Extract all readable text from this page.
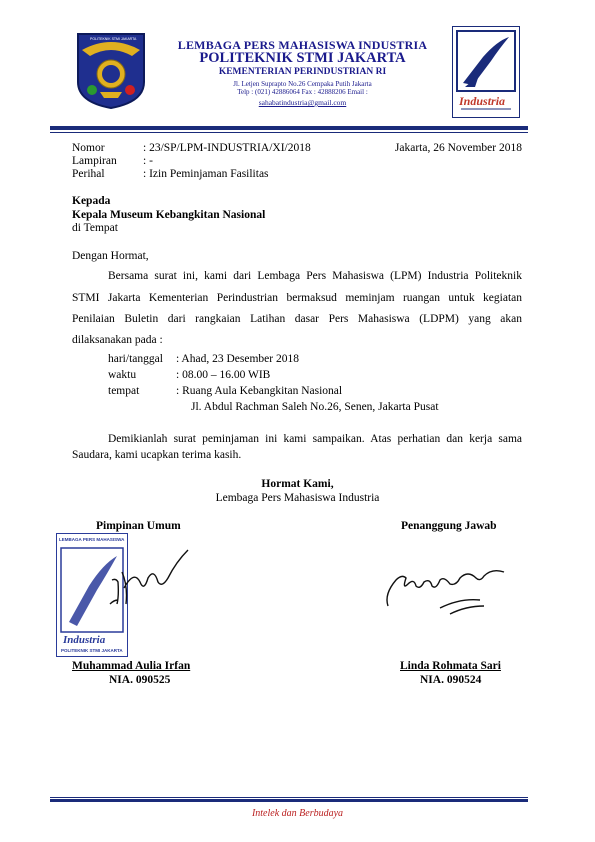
POLITEKNIK STMI JAKARTA	LEMBAGA PERS MAHASISWA INDUSTRIA
POLITEKNIK STMI JAKARTA
KEMENTERIAN PERINDUSTRIAN RI
Jl. Letjen Suprapto No.26 Cempaka Putih Jakarta
Telp : (021) 42886064 Fax : 42888206 Email :
sahabatindustria@gmail.com	Industria
Nomor	: 23/SP/LPM-INDUSTRIA/XI/2018	Jakarta, 26 November 2018
Lampiran : -
Perihal	: Izin Peminjaman Fasilitas
Kepada
Kepala Museum Kebangkitan Nasional
di Tempat
Dengan Hormat,
Bersama surat ini, kami dari Lembaga Pers Mahasiswa (LPM) Industria Politeknik
STMI Jakarta Kementerian Perindustrian bermaksud meminjam ruangan untuk kegiatan
Penilaian Buletin dari rangkaian Latihan dasar Pers Mahasiswa (LDPM) yang akan
dilaksanakan pada :
hari/tanggal : Ahad, 23 Desember 2018
waktu	: 08.00 – 16.00 WIB
tempat	: Ruang Aula Kebangkitan Nasional
Jl. Abdul Rachman Saleh No.26, Senen, Jakarta Pusat
Demikianlah surat peminjaman ini kami sampaikan. Atas perhatian dan kerja sama
Saudara, kami ucapkan terima kasih.
Hormat Kami,
Lembaga Pers Mahasiswa Industria
Pimpinan Umum	Penanggung Jawab
LEMBAGA PERS MAHASISWA
Industria
POLITEKNIK STMI JAKARTA
Muhammad Aulia Irfan
NIA. 090525
Linda Rohmata Sari
NIA. 090524
Intelek dan Berbudaya
